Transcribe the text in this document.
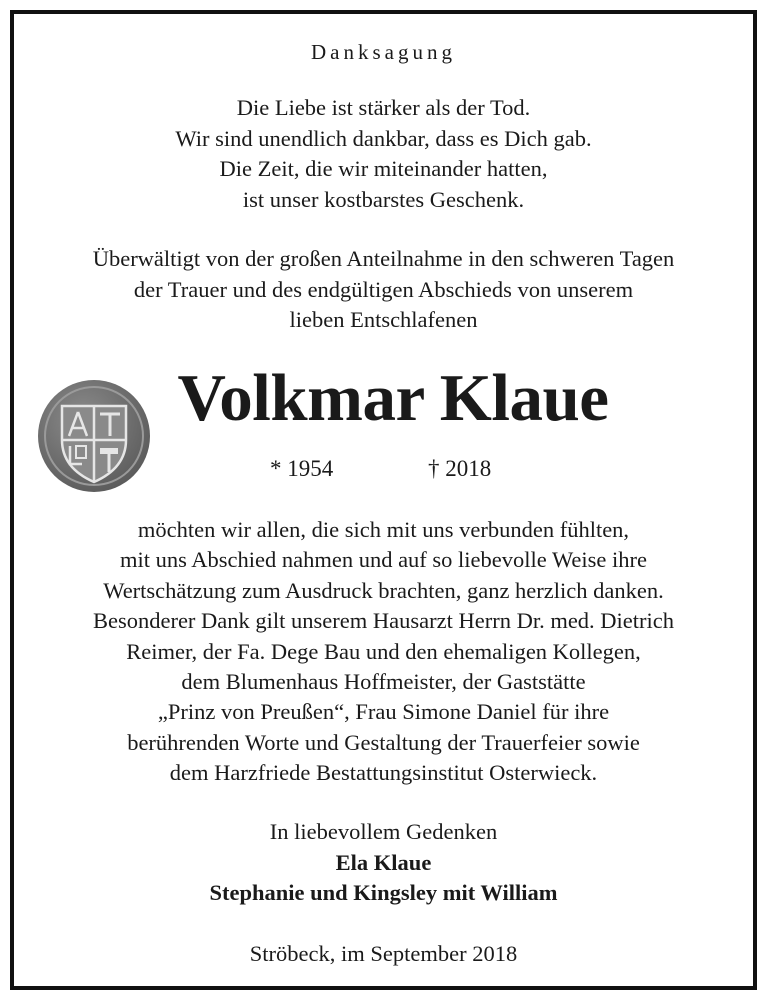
Danksagung
Die Liebe ist stärker als der Tod.
Wir sind unendlich dankbar, dass es Dich gab.
Die Zeit, die wir miteinander hatten,
ist unser kostbarstes Geschenk.
Überwältigt von der großen Anteilnahme in den schweren Tagen
der Trauer und des endgültigen Abschieds von unserem
lieben Entschlafenen
Volkmar Klaue
* 1954	† 2018
möchten wir allen, die sich mit uns verbunden fühlten,
mit uns Abschied nahmen und auf so liebevolle Weise ihre
Wertschätzung zum Ausdruck brachten, ganz herzlich danken.
Besonderer Dank gilt unserem Hausarzt Herrn Dr. med. Dietrich
Reimer, der Fa. Dege Bau und den ehemaligen Kollegen,
dem Blumenhaus Hoffmeister, der Gaststätte
„Prinz von Preußen“, Frau Simone Daniel für ihre
berührenden Worte und Gestaltung der Trauerfeier sowie
dem Harzfriede Bestattungsinstitut Osterwieck.
In liebevollem Gedenken
Ela Klaue
Stephanie und Kingsley mit William
Ströbeck, im September 2018
